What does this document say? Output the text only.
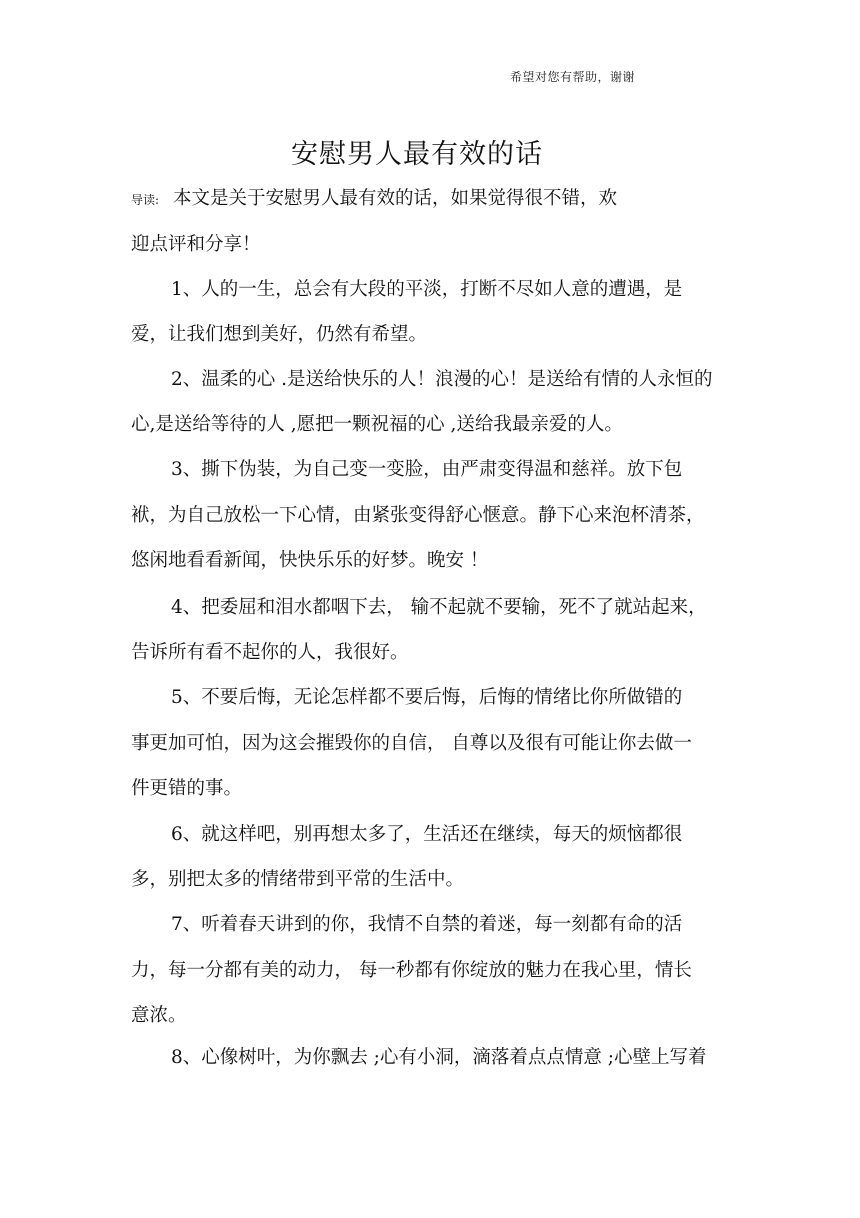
希望对您有帮助，谢谢
安慰男人最有效的话
导读: 本文是关于安慰男人最有效的话，如果觉得很不错，欢
迎点评和分享！
1、人的一生，总会有大段的平淡，打断不尽如人意的遭遇，是
爱，让我们想到美好，仍然有希望。
2、温柔的心 .是送给快乐的人！浪漫的心！是送给有情的人永恒的
心,是送给等待的人 ,愿把一颗祝福的心 ,送给我最亲爱的人。
3、撕下伪装，为自己变一变脸，由严肃变得温和慈祥。放下包
袱，为自己放松一下心情，由紧张变得舒心惬意。静下心来泡杯清茶，
悠闲地看看新闻，快快乐乐的好梦。晚安 ！
4、把委屈和泪水都咽下去， 输不起就不要输，死不了就站起来，
告诉所有看不起你的人，我很好。
5、不要后悔，无论怎样都不要后悔，后悔的情绪比你所做错的
事更加可怕，因为这会摧毁你的自信， 自尊以及很有可能让你去做一
件更错的事。
6、就这样吧，别再想太多了，生活还在继续，每天的烦恼都很
多，别把太多的情绪带到平常的生活中。
7、听着春天讲到的你，我情不自禁的着迷，每一刻都有命的活
力，每一分都有美的动力， 每一秒都有你绽放的魅力在我心里，情长
意浓。
8、心像树叶，为你飘去 ;心有小洞，滴落着点点情意 ;心壁上写着
